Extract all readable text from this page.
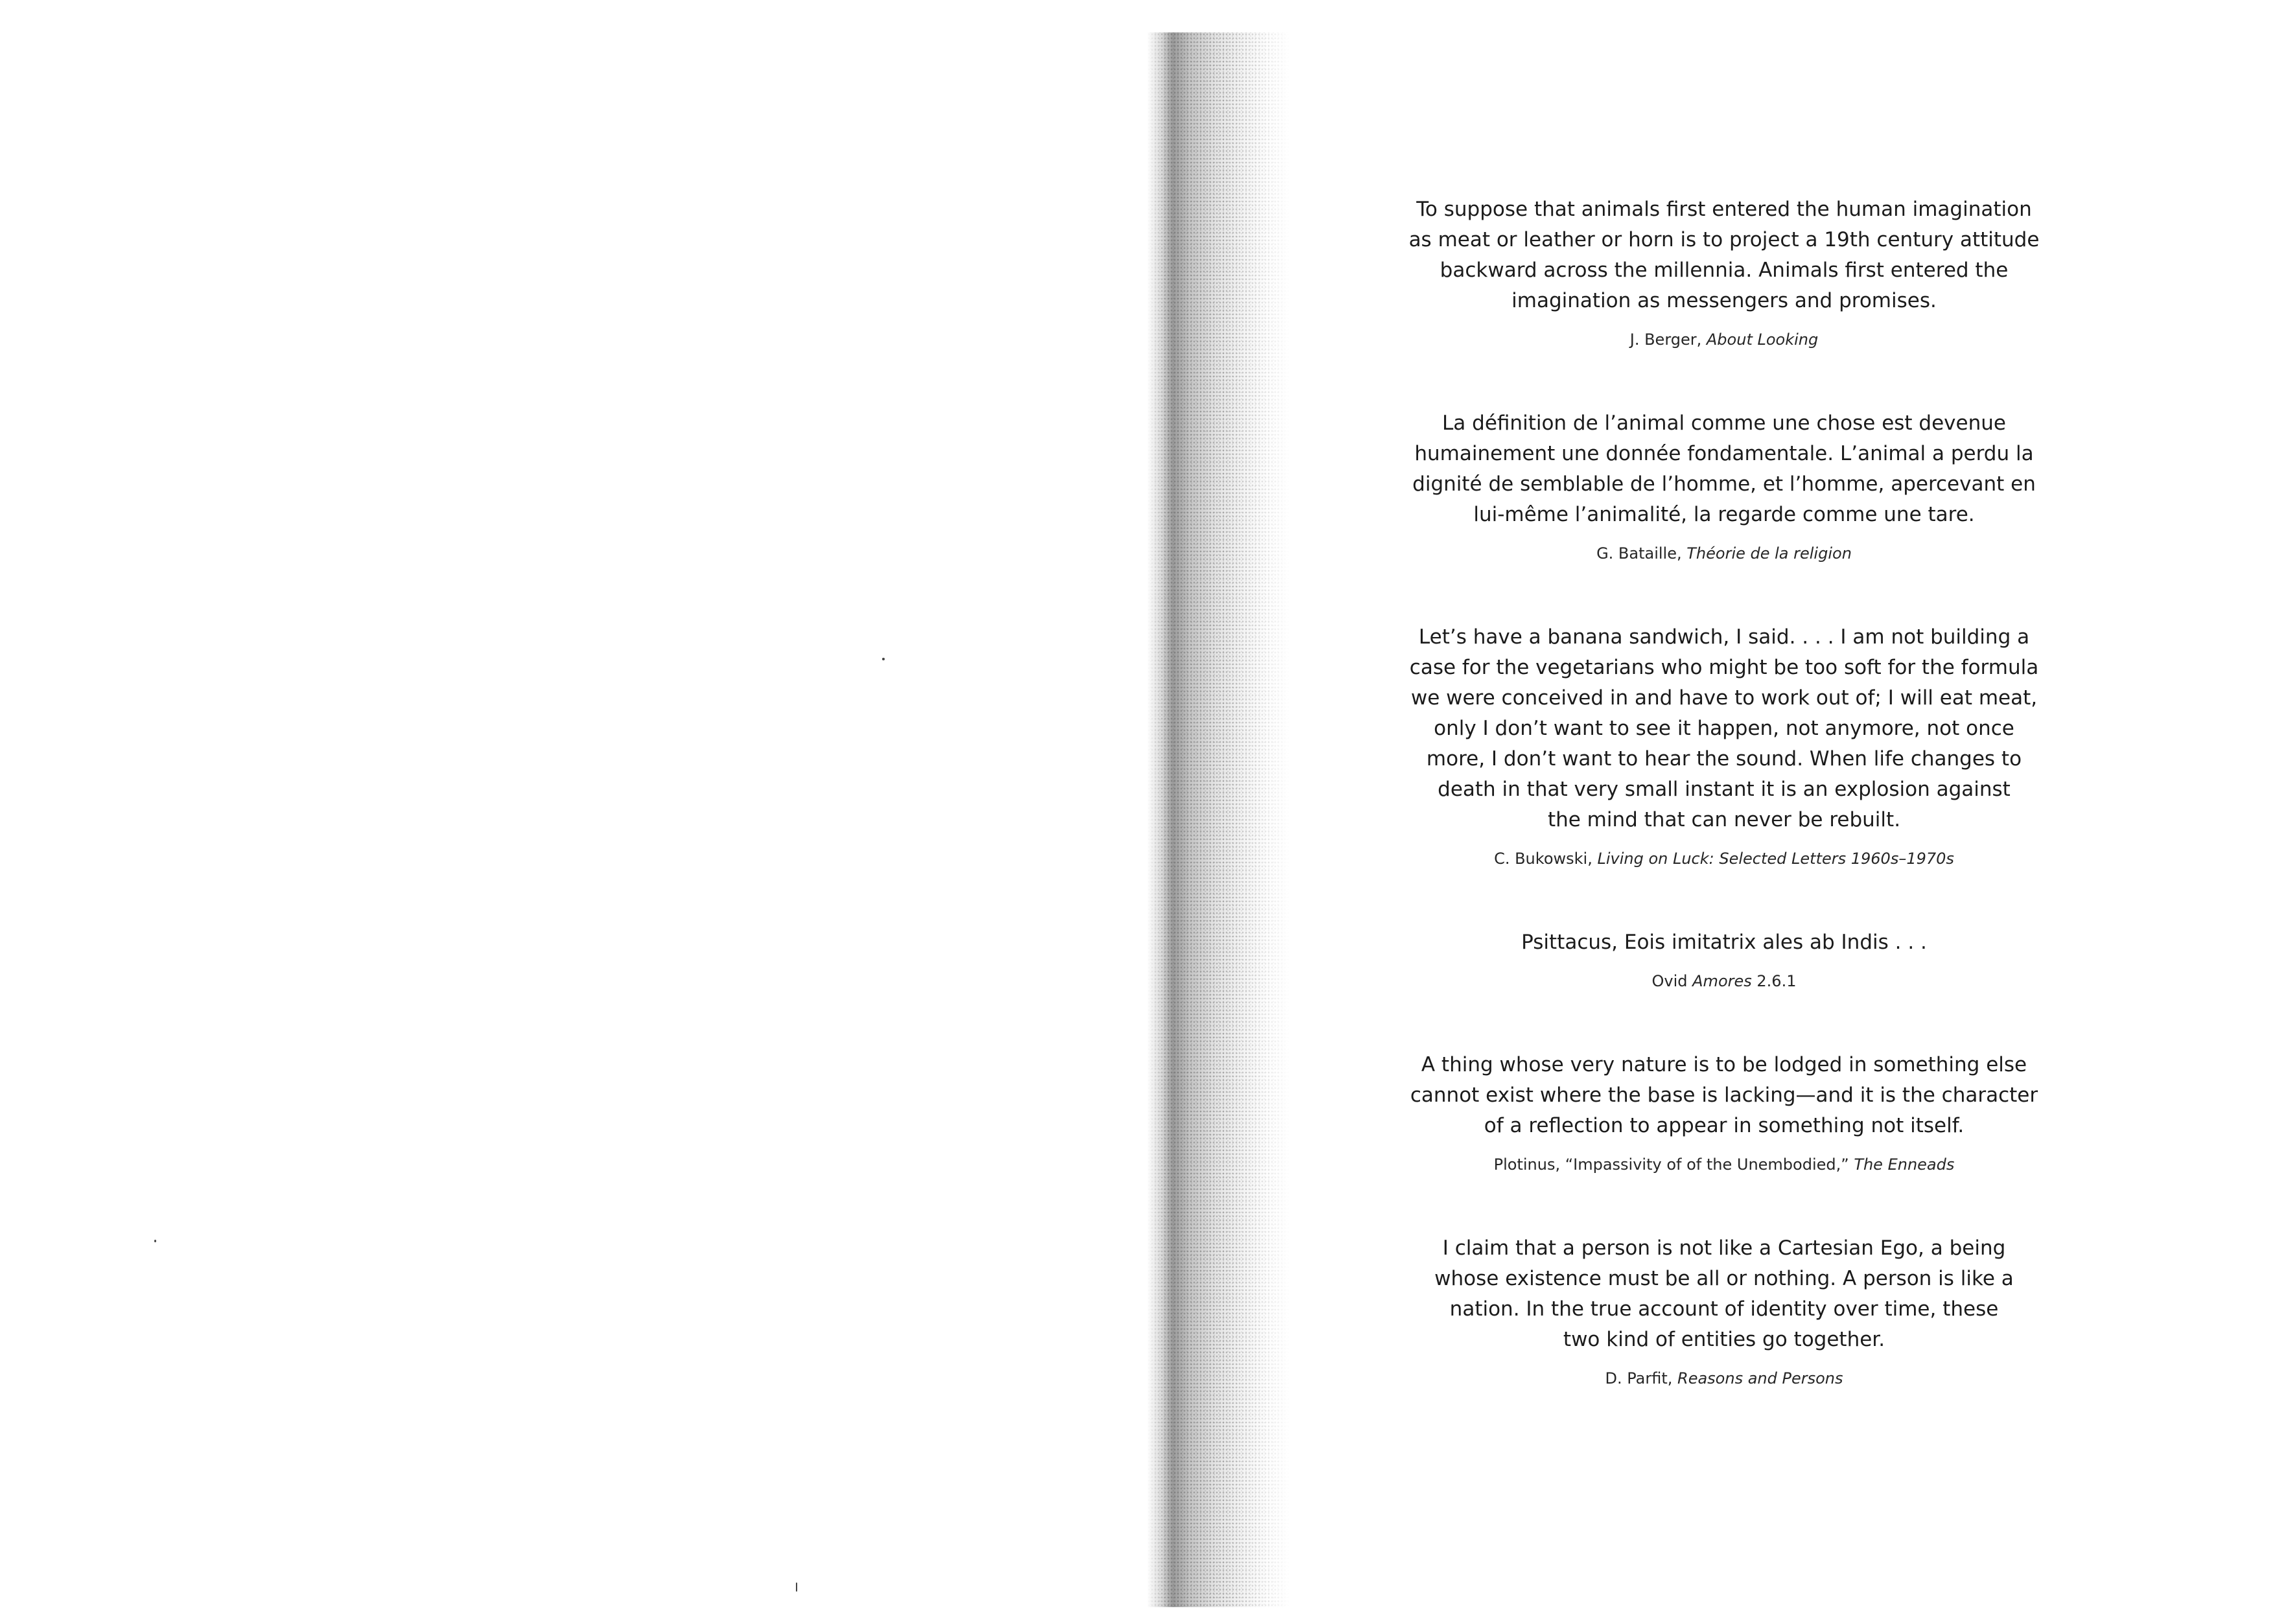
To suppose that animals first entered the human imagination
as meat or leather or horn is to project a 19th century attitude
backward across the millennia. Animals first entered the
imagination as messengers and promises.

J. Berger, About Looking

La définition de l’animal comme une chose est devenue
humainement une donnée fondamentale. L’animal a perdu la
dignité de semblable de l’homme, et l’homme, apercevant en
lui-même l’animalité, la regarde comme une tare.

G. Bataille, Théorie de la religion

Let’s have a banana sandwich, I said. . . . I am not building a
case for the vegetarians who might be too soft for the formula
we were conceived in and have to work out of; I will eat meat,
only I don’t want to see it happen, not anymore, not once
more, I don’t want to hear the sound. When life changes to
death in that very small instant it is an explosion against
the mind that can never be rebuilt.

C. Bukowski, Living on Luck: Selected Letters 1960s–1970s

Psittacus, Eois imitatrix ales ab Indis . . .

Ovid Amores 2.6.1

A thing whose very nature is to be lodged in something else
cannot exist where the base is lacking—and it is the character
of a reflection to appear in something not itself.

Plotinus, “Impassivity of of the Unembodied,” The Enneads

I claim that a person is not like a Cartesian Ego, a being
whose existence must be all or nothing. A person is like a
nation. In the true account of identity over time, these
two kind of entities go together.

D. Parfit, Reasons and Persons
